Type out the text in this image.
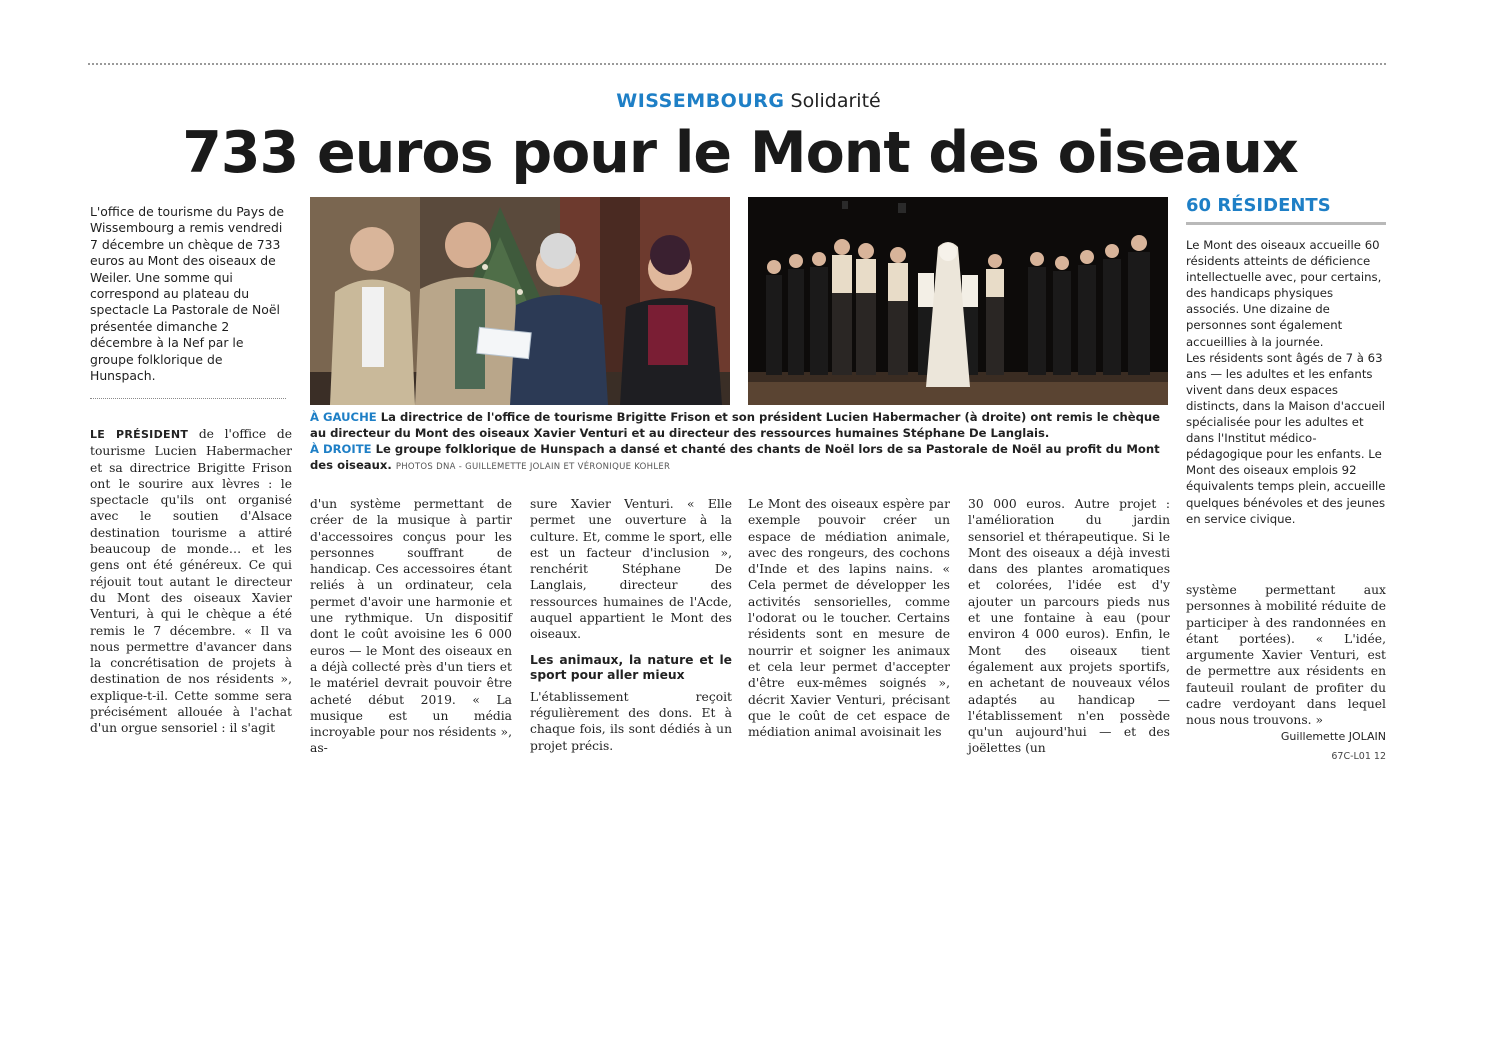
WISSEMBOURG Solidarité
733 euros pour le Mont des oiseaux
L'office de tourisme du Pays de Wissembourg a remis vendredi 7 décembre un chèque de 733 euros au Mont des oiseaux de Weiler. Une somme qui correspond au plateau du spectacle La Pastorale de Noël présentée dimanche 2 décembre à la Nef par le groupe folklorique de Hunspach.
À GAUCHE La directrice de l'office de tourisme Brigitte Frison et son président Lucien Habermacher (à droite) ont remis le chèque au directeur du Mont des oiseaux Xavier Venturi et au directeur des ressources humaines Stéphane De Langlais.
À DROITE Le groupe folklorique de Hunspach a dansé et chanté des chants de Noël lors de sa Pastorale de Noël au profit du Mont des oiseaux. PHOTOS DNA - GUILLEMETTE JOLAIN ET VÉRONIQUE KOHLER

LE PRÉSIDENT de l'office de tourisme Lucien Habermacher et sa directrice Brigitte Frison ont le sourire aux lèvres : le spectacle qu'ils ont organisé avec le soutien d'Alsace destination tourisme a attiré beaucoup de monde… et les gens ont été généreux. Ce qui réjouit tout autant le directeur du Mont des oiseaux Xavier Venturi, à qui le chèque a été remis le 7 décembre. « Il va nous permettre d'avancer dans la concrétisation de projets à destination de nos résidents », explique-t-il. Cette somme sera précisément allouée à l'achat d'un orgue sensoriel : il s'agit

d'un système permettant de créer de la musique à partir d'accessoires conçus pour les personnes souffrant de handicap. Ces accessoires étant reliés à un ordinateur, cela permet d'avoir une harmonie et une rythmique. Un dispositif dont le coût avoisine les 6 000 euros — le Mont des oiseaux en a déjà collecté près d'un tiers et le matériel devrait pouvoir être acheté début 2019. « La musique est un média incroyable pour nos résidents », as-

sure Xavier Venturi. « Elle permet une ouverture à la culture. Et, comme le sport, elle est un facteur d'inclusion », renchérit Stéphane De Langlais, directeur des ressources humaines de l'Acde, auquel appartient le Mont des oiseaux.

Les animaux, la nature et le sport pour aller mieux

L'établissement reçoit régulièrement des dons. Et à chaque fois, ils sont dédiés à un projet précis.

Le Mont des oiseaux espère par exemple pouvoir créer un espace de médiation animale, avec des rongeurs, des cochons d'Inde et des lapins nains. « Cela permet de développer les activités sensorielles, comme l'odorat ou le toucher. Certains résidents sont en mesure de nourrir et soigner les animaux et cela leur permet d'accepter d'être eux-mêmes soignés », décrit Xavier Venturi, précisant que le coût de cet espace de médiation animal avoisinait les

30 000 euros. Autre projet : l'amélioration du jardin sensoriel et thérapeutique. Si le Mont des oiseaux a déjà investi dans des plantes aromatiques et colorées, l'idée est d'y ajouter un parcours pieds nus et une fontaine à eau (pour environ 4 000 euros). Enfin, le Mont des oiseaux tient également aux projets sportifs, en achetant de nouveaux vélos adaptés au handicap — l'établissement n'en possède qu'un aujourd'hui — et des joëlettes (un

60 RÉSIDENTS

Le Mont des oiseaux accueille 60 résidents atteints de déficience intellectuelle avec, pour certains, des handicaps physiques associés. Une dizaine de personnes sont également accueillies à la journée.

Les résidents sont âgés de 7 à 63 ans — les adultes et les enfants vivent dans deux espaces distincts, dans la Maison d'accueil spécialisée pour les adultes et dans l'Institut médico-pédagogique pour les enfants. Le Mont des oiseaux emplois 92 équivalents temps plein, accueille quelques bénévoles et des jeunes en service civique.

système permettant aux personnes à mobilité réduite de participer à des randonnées en étant portées). « L'idée, argumente Xavier Venturi, est de permettre aux résidents en fauteuil roulant de profiter du cadre verdoyant dans lequel nous nous trouvons. »

Guillemette JOLAIN

67C-L01 12
